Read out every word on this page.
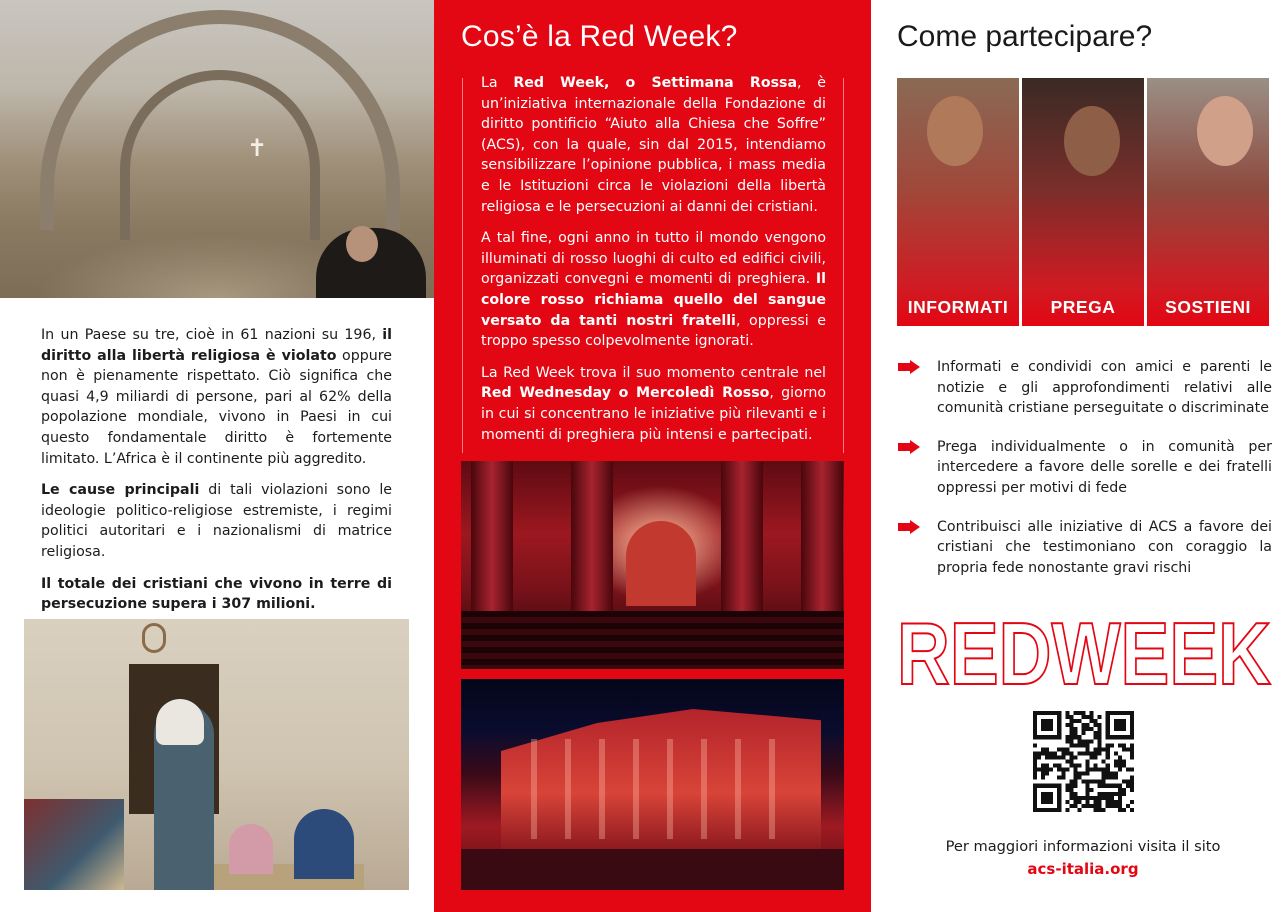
✝

In un Paese su tre, cioè in 61 nazioni su 196, il diritto alla libertà religiosa è violato oppure non è pienamente rispettato. Ciò significa che quasi 4,9 miliardi di persone, pari al 62% della popolazione mondiale, vivono in Paesi in cui questo fondamentale diritto è fortemente limitato. L’Africa è il continente più aggredito.

Le cause principali di tali violazioni sono le ideologie politico-religiose estremiste, i regimi politici autoritari e i nazionalismi di matrice religiosa.

Il totale dei cristiani che vivono in terre di persecuzione supera i 307 milioni.

Cos’è la Red Week?

La Red Week, o Settimana Rossa, è un’iniziativa internazionale della Fondazione di diritto pontificio “Aiuto alla Chiesa che Soffre” (ACS), con la quale, sin dal 2015, intendiamo sensibilizzare l’opinione pubblica, i mass media e le Istituzioni circa le violazioni della libertà religiosa e le persecuzioni ai danni dei cristiani.

A tal fine, ogni anno in tutto il mondo vengono illuminati di rosso luoghi di culto ed edifici civili, organizzati convegni e momenti di preghiera. Il colore rosso richiama quello del sangue versato da tanti nostri fratelli, oppressi e troppo spesso colpevolmente ignorati.

La Red Week trova il suo momento centrale nel Red Wednesday o Mercoledì Rosso, giorno in cui si concentrano le iniziative più rilevanti e i momenti di preghiera più intensi e partecipati.

Come partecipare?
INFORMATI	PREGA	SOSTIENI
Informati e condividi con amici e parenti le notizie e gli approfondimenti relativi alle comunità cristiane perseguitate o discriminate
Prega individualmente o in comunità per intercedere a favore delle sorelle e dei fratelli oppressi per motivi di fede
Contribuisci alle iniziative di ACS a favore dei cristiani che testimoniano con coraggio la propria fede nonostante gravi rischi
REDWEEK
Per maggiori informazioni visita il sito
acs-italia.org
